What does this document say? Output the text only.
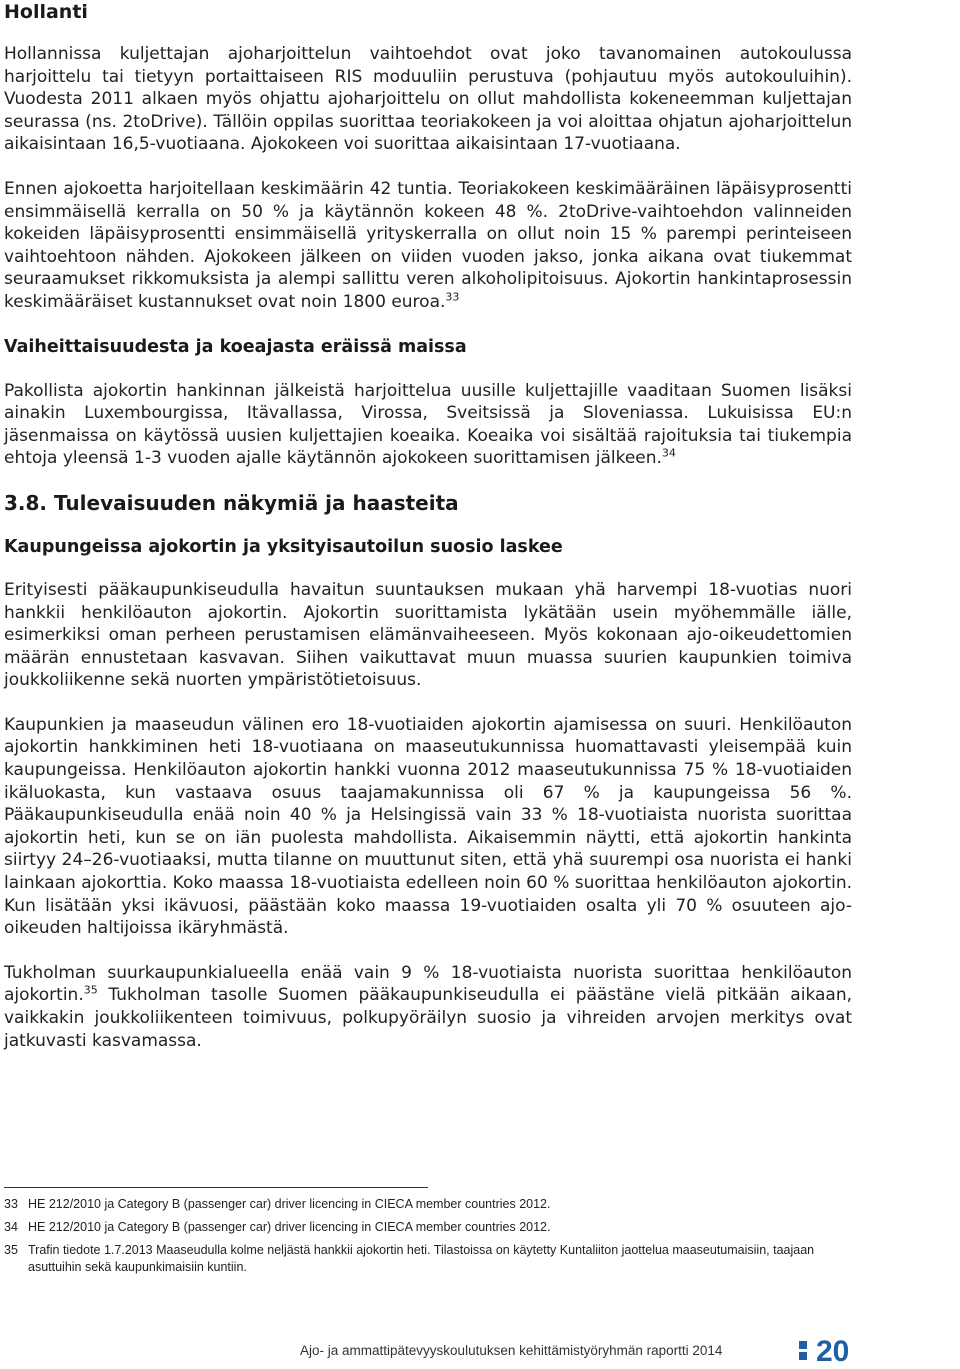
Hollanti

Hollannissa kuljettajan ajoharjoittelun vaihtoehdot ovat joko tavanomainen autokoulussa harjoittelu tai tietyyn portaittaiseen RIS moduuliin perustuva (pohjautuu myös autokouluihin). Vuodesta 2011 alkaen myös ohjattu ajoharjoittelu on ollut mahdollista kokeneemman kuljettajan seurassa (ns. 2toDrive). Tällöin oppilas suorittaa teoriakokeen ja voi aloittaa ohjatun ajoharjoittelun aikaisintaan 16,5-vuotiaana. Ajokokeen voi suorittaa aikaisintaan 17-vuotiaana.

Ennen ajokoetta harjoitellaan keskimäärin 42 tuntia. Teoriakokeen keskimääräinen läpäisyprosentti ensimmäisellä kerralla on 50 % ja käytännön kokeen 48 %. 2toDrive-vaihtoehdon valinneiden kokeiden läpäisyprosentti ensimmäisellä yrityskerralla on ollut noin 15 % parempi perinteiseen vaihtoehtoon nähden. Ajokokeen jälkeen on viiden vuoden jakso, jonka aikana ovat tiukemmat seuraamukset rikkomuksista ja alempi sallittu veren alkoholipitoisuus. Ajokortin hankintaprosessin keskimääräiset kustannukset ovat noin 1800 euroa.$^{33}$

Vaiheittaisuudesta ja koeajasta eräissä maissa

Pakollista ajokortin hankinnan jälkeistä harjoittelua uusille kuljettajille vaaditaan Suomen lisäksi ainakin Luxembourgissa, Itävallassa, Virossa, Sveitsissä ja Sloveniassa. Lukuisissa EU:n jäsenmaissa on käytössä uusien kuljettajien koeaika. Koeaika voi sisältää rajoituksia tai tiukempia ehtoja yleensä 1-3 vuoden ajalle käytännön ajokokeen suorittamisen jälkeen.$^{34}$

3.8. Tulevaisuuden näkymiä ja haasteita
Kaupungeissa ajokortin ja yksityisautoilun suosio laskee

Erityisesti pääkaupunkiseudulla havaitun suuntauksen mukaan yhä harvempi 18-vuotias nuori hankkii henkilöauton ajokortin. Ajokortin suorittamista lykätään usein myöhemmälle iälle, esimerkiksi oman perheen perustamisen elämänvaiheeseen. Myös kokonaan ajo-oikeudettomien määrän ennustetaan kasvavan. Siihen vaikuttavat muun muassa suurien kaupunkien toimiva joukkoliikenne sekä nuorten ympäristötietoisuus.

Kaupunkien ja maaseudun välinen ero 18-vuotiaiden ajokortin ajamisessa on suuri. Henkilöauton ajokortin hankkiminen heti 18-vuotiaana on maaseutukunnissa huomattavasti yleisempää kuin kaupungeissa. Henkilöauton ajokortin hankki vuonna 2012 maaseutukunnissa 75 % 18-vuotiaiden ikäluokasta, kun vastaava osuus taajamakunnissa oli 67 % ja kaupungeissa 56 %. Pääkaupunkiseudulla enää noin 40 % ja Helsingissä vain 33 % 18-vuotiaista nuorista suorittaa ajokortin heti, kun se on iän puolesta mahdollista. Aikaisemmin näytti, että ajokortin hankinta siirtyy 24–26-vuotiaaksi, mutta tilanne on muuttunut siten, että yhä suurempi osa nuorista ei hanki lainkaan ajokorttia. Koko maassa 18-vuotiaista edelleen noin 60 % suorittaa henkilöauton ajokortin. Kun lisätään yksi ikävuosi, päästään koko maassa 19-vuotiaiden osalta yli 70 % osuuteen ajo-oikeuden haltijoissa ikäryhmästä.

Tukholman suurkaupunkialueella enää vain 9 % 18-vuotiaista nuorista suorittaa henkilöauton ajokortin.$^{35}$ Tukholman tasolle Suomen pääkaupunkiseudulla ei päästäne vielä pitkään aikaan, vaikkakin joukkoliikenteen toimivuus, polkupyöräilyn suosio ja vihreiden arvojen merkitys ovat jatkuvasti kasvamassa.

33 HE 212/2010 ja Category B (passenger car) driver licencing in CIECA member countries 2012.
34 HE 212/2010 ja Category B (passenger car) driver licencing in CIECA member countries 2012.
35 Trafin tiedote 1.7.2013 Maaseudulla kolme neljästä hankkii ajokortin heti. Tilastoissa on käytetty Kuntaliiton jaottelua maaseutumaisiin, taajaan asuttuihin sekä kaupunkimaisiin kuntiin.
Ajo- ja ammattipätevyyskoulutuksen kehittämistyöryhmän raportti 2014	20
